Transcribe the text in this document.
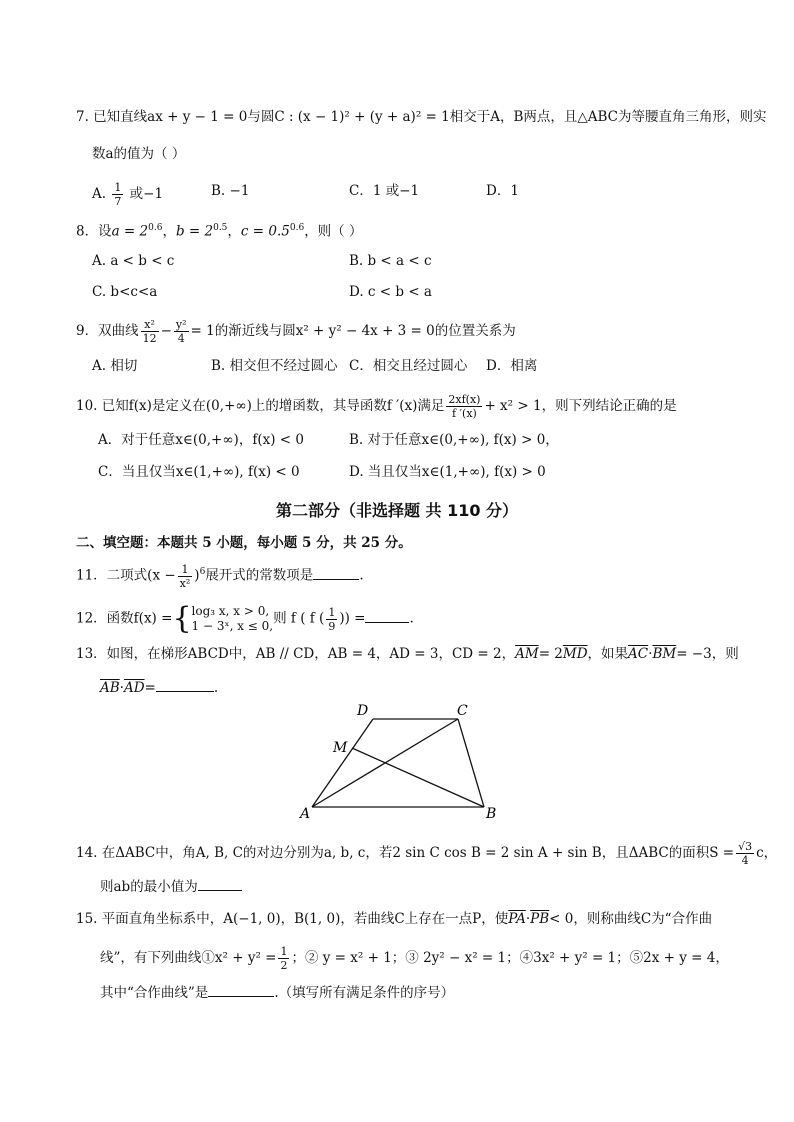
7. 已知直线ax + y − 1 = 0与圆C : (x − 1)² + (y + a)² = 1相交于A，B两点，且△ABC为等腰直角三角形，则实
数a的值为（ ）
A. $\frac{1}{7}$ 或−1	B. −1	C．1 或−1	D．1
8．设$a = 2^{0.6}$，$b = 2^{0.5}$，$c = 0.5^{0.6}$，则（ ）
A. a < b < c	B. b < a < c
C. b<c<a	D. c < b < a
9．双曲线 $\frac{\text{x²}}{12} - \frac{\text{y²}}{4} = 1$的渐近线与圆x² + y² − 4x + 3 = 0的位置关系为
A. 相切	B. 相交但不经过圆心 C．相交且经过圆心 D．相离
10. 已知f(x)是定义在(0,+∞)上的增函数，其导函数f ′(x)满足 $\frac{2xf(x)}{f '(x)} + x^2 > 1$，则下列结论正确的是
A．对于任意x∈(0,+∞)，f(x) < 0	B. 对于任意x∈(0,+∞), f(x) > 0，
C．当且仅当x∈(1,+∞), f(x) < 0	D. 当且仅当x∈(1,+∞), f(x) > 0
第二部分（非选择题 共 110 分）
二、填空题：本题共 5 小题，每小题 5 分，共 25 分。
11．二项式$(x - \frac{1}{\text{x²}} )^6$展开式的常数项是	.
12．函数f(x) ={ log₃ x, x > 0,
1 − 3ˣ, x ≤ 0, 则 f ( f ( $\frac{1}{9}$ )) =	.
13．如图，在梯形ABCD中，AB // CD，AB = 4，AD = 3，CD = 2，$\overline{AM}= 2\overline{MD}$，如果$\overline{AC}\cdot\overline{BM}= -3$，则
$\overline{AB}\cdot\overline{AD}=$	.
A	B
C
D
M
14. 在ΔABC中，角A, B, C的对边分别为a, b, c，若2 sin C cos B = 2 sin A + sin B，且ΔABC的面积$S = \frac{√3}{4}$ c，
则ab的最小值为
15. 平面直角坐标系中，A(−1, 0)，B(1, 0)，若曲线C上存在一点P，使$\overline{PA}\cdot\overline{PB}< 0$，则称曲线C为“合作曲
线”，有下列曲线①x² + $y^2 = \frac{1}{2}$ ；② y = x² + 1；③ 2y² − x² = 1；④3x² + y² = 1；⑤2x + y = 4，
其中“合作曲线”是	.（填写所有满足条件的序号）
